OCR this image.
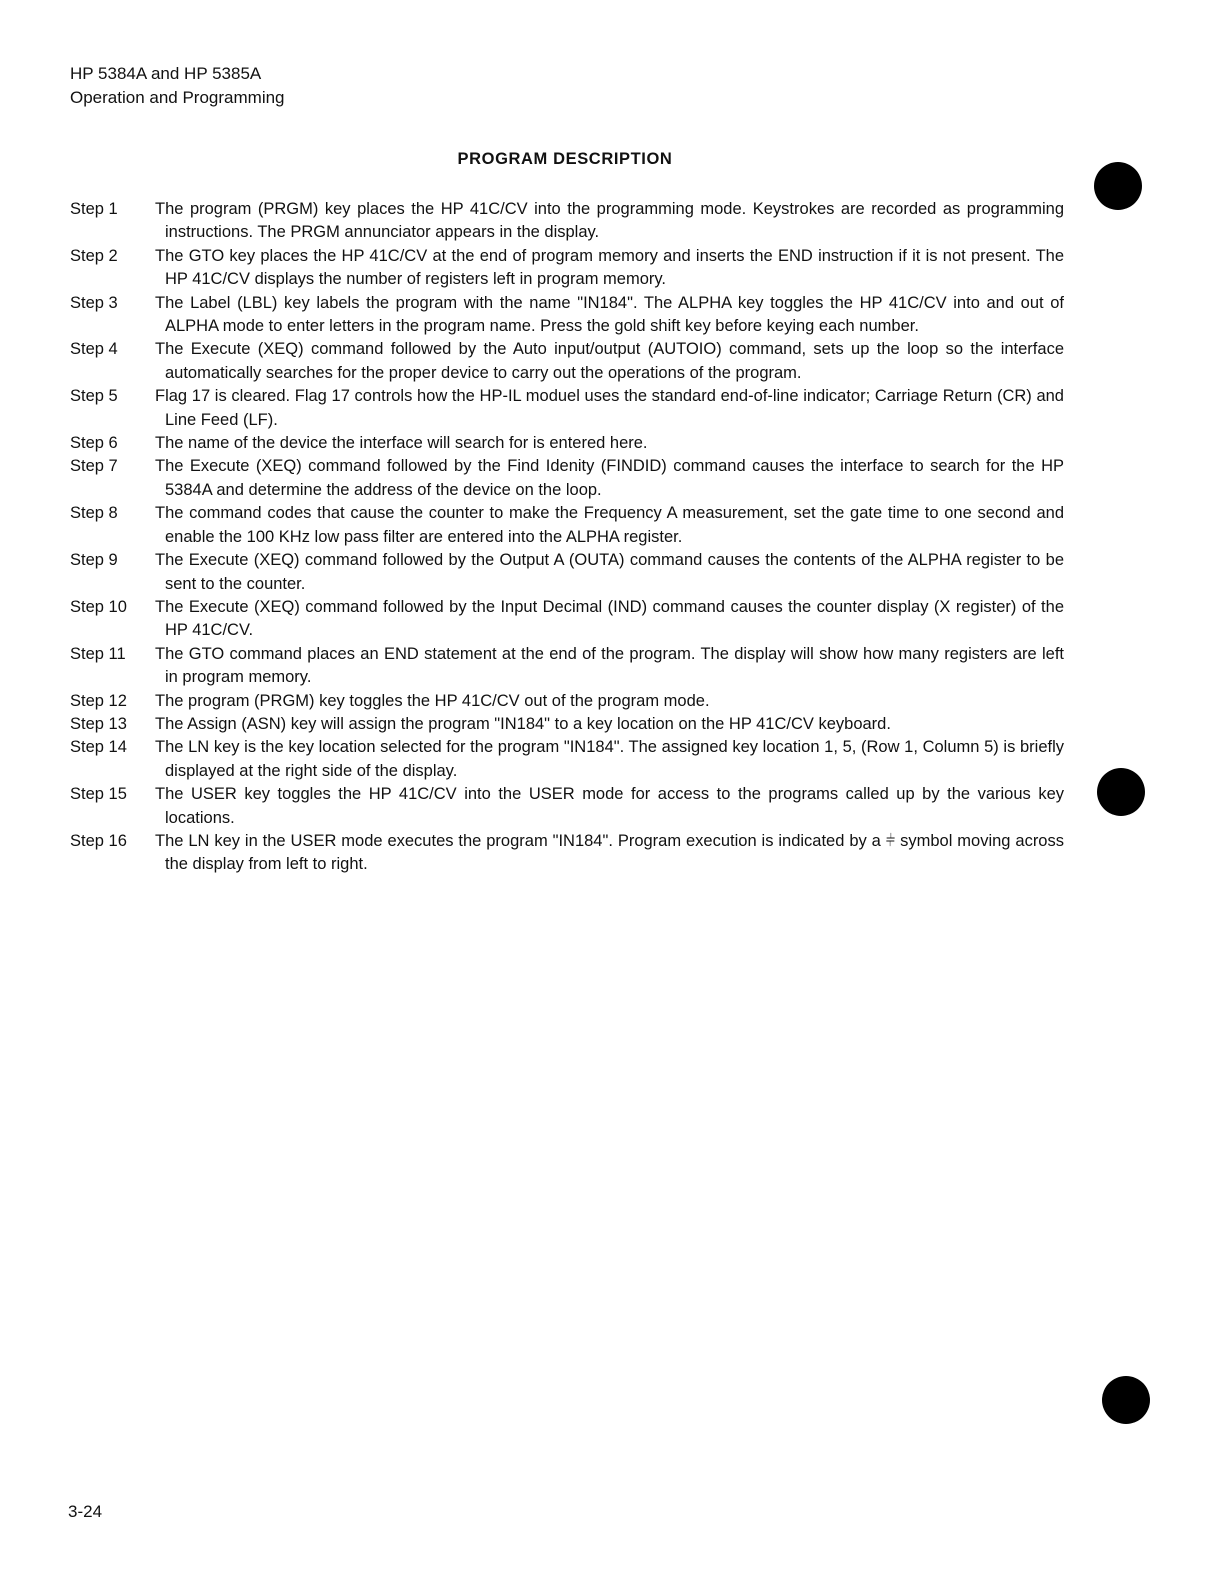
HP 5384A and HP 5385A
Operation and Programming
PROGRAM DESCRIPTION
Step 1	The program (PRGM) key places the HP 41C/CV into the programming mode. Keystrokes are recorded as programming instructions. The PRGM annunciator appears in the display.
Step 2	The GTO key places the HP 41C/CV at the end of program memory and inserts the END instruction if it is not present. The HP 41C/CV displays the number of registers left in program memory.
Step 3	The Label (LBL) key labels the program with the name "IN184". The ALPHA key toggles the HP 41C/CV into and out of ALPHA mode to enter letters in the program name. Press the gold shift key before keying each number.
Step 4	The Execute (XEQ) command followed by the Auto input/output (AUTOIO) command, sets up the loop so the interface automatically searches for the proper device to carry out the operations of the program.
Step 5	Flag 17 is cleared. Flag 17 controls how the HP-IL moduel uses the standard end-of-line indicator; Carriage Return (CR) and Line Feed (LF).
Step 6	The name of the device the interface will search for is entered here.
Step 7	The Execute (XEQ) command followed by the Find Idenity (FINDID) command causes the interface to search for the HP 5384A and determine the address of the device on the loop.
Step 8	The command codes that cause the counter to make the Frequency A measurement, set the gate time to one second and enable the 100 KHz low pass filter are entered into the ALPHA register.
Step 9	The Execute (XEQ) command followed by the Output A (OUTA) command causes the contents of the ALPHA register to be sent to the counter.
Step 10	The Execute (XEQ) command followed by the Input Decimal (IND) command causes the counter display (X register) of the HP 41C/CV.
Step 11	The GTO command places an END statement at the end of the program. The display will show how many registers are left in program memory.
Step 12	The program (PRGM) key toggles the HP 41C/CV out of the program mode.
Step 13	The Assign (ASN) key will assign the program "IN184" to a key location on the HP 41C/CV keyboard.
Step 14	The LN key is the key location selected for the program "IN184". The assigned key location 1, 5, (Row 1, Column 5) is briefly displayed at the right side of the display.
Step 15	The USER key toggles the HP 41C/CV into the USER mode for access to the programs called up by the various key locations.
Step 16	The LN key in the USER mode executes the program "IN184". Program execution is indicated by a ⫩ symbol moving across the display from left to right.
3-24
